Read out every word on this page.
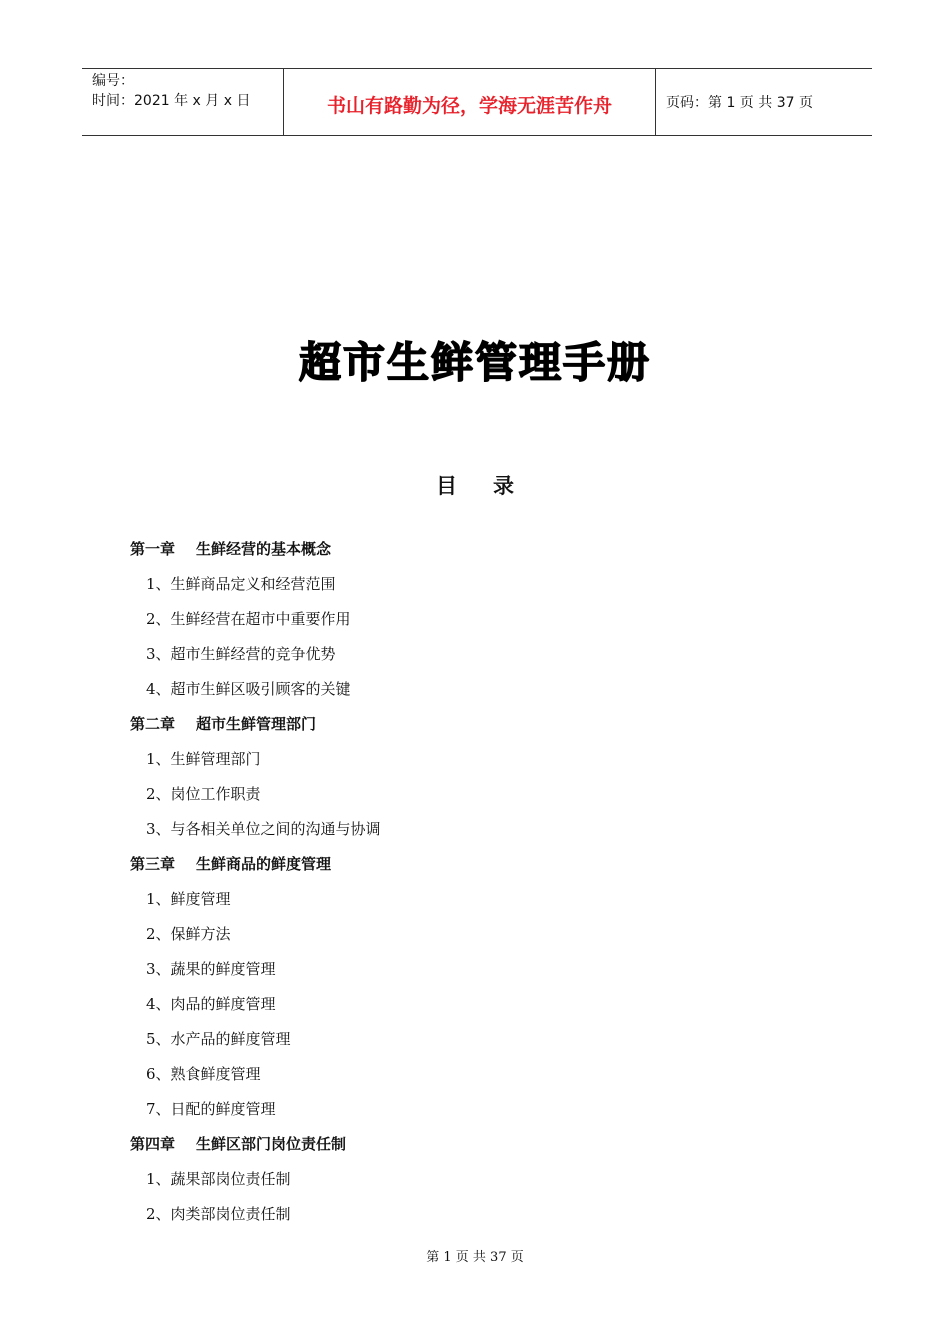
编号：
时间：2021 年 x 月 x 日	书山有路勤为径，学海无涯苦作舟	页码：第 1 页 共 37 页
超市生鲜管理手册
目 录
第一章 生鲜经营的基本概念
1、生鲜商品定义和经营范围
2、生鲜经营在超市中重要作用
3、超市生鲜经营的竞争优势
4、超市生鲜区吸引顾客的关键
第二章 超市生鲜管理部门
1、生鲜管理部门
2、岗位工作职责
3、与各相关单位之间的沟通与协调
第三章 生鲜商品的鲜度管理
1、鲜度管理
2、保鲜方法
3、蔬果的鲜度管理
4、肉品的鲜度管理
5、水产品的鲜度管理
6、熟食鲜度管理
7、日配的鲜度管理
第四章 生鲜区部门岗位责任制
1、蔬果部岗位责任制
2、肉类部岗位责任制
第 1 页 共 37 页
